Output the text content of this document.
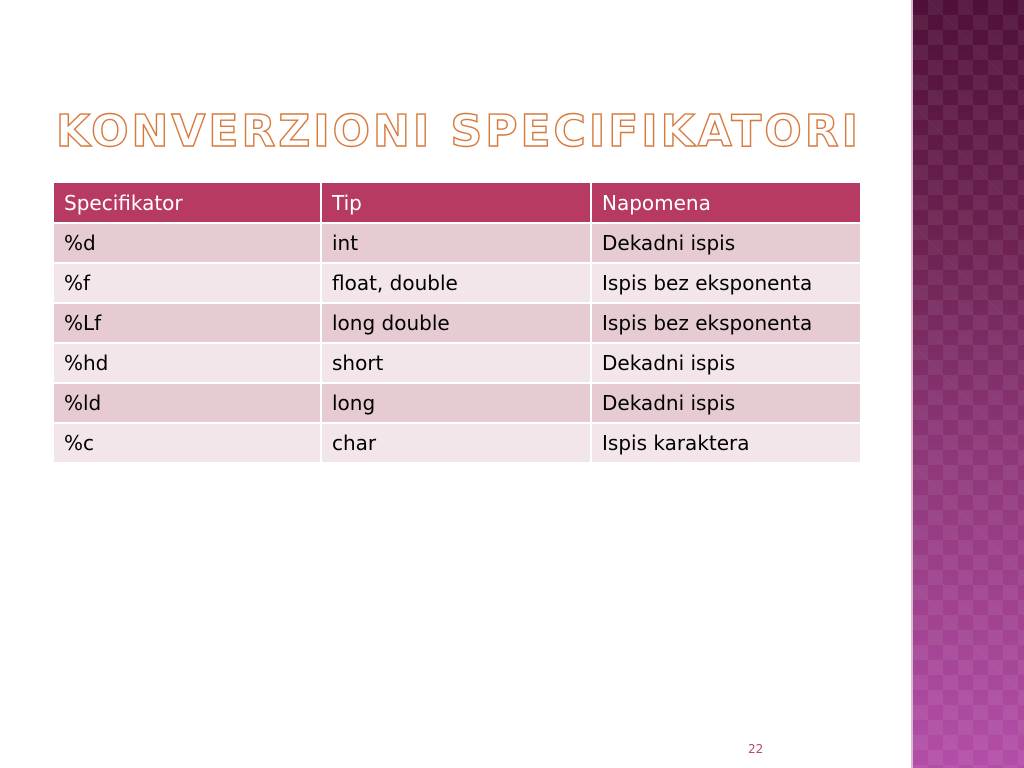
KONVERZIONI SPECIFIKATORI
Specifikator	Tip	Napomena
%d	int	Dekadni ispis
%f	float, double	Ispis bez eksponenta
%Lf	long double	Ispis bez eksponenta
%hd	short	Dekadni ispis
%ld	long	Dekadni ispis
%c	char	Ispis karaktera
22
